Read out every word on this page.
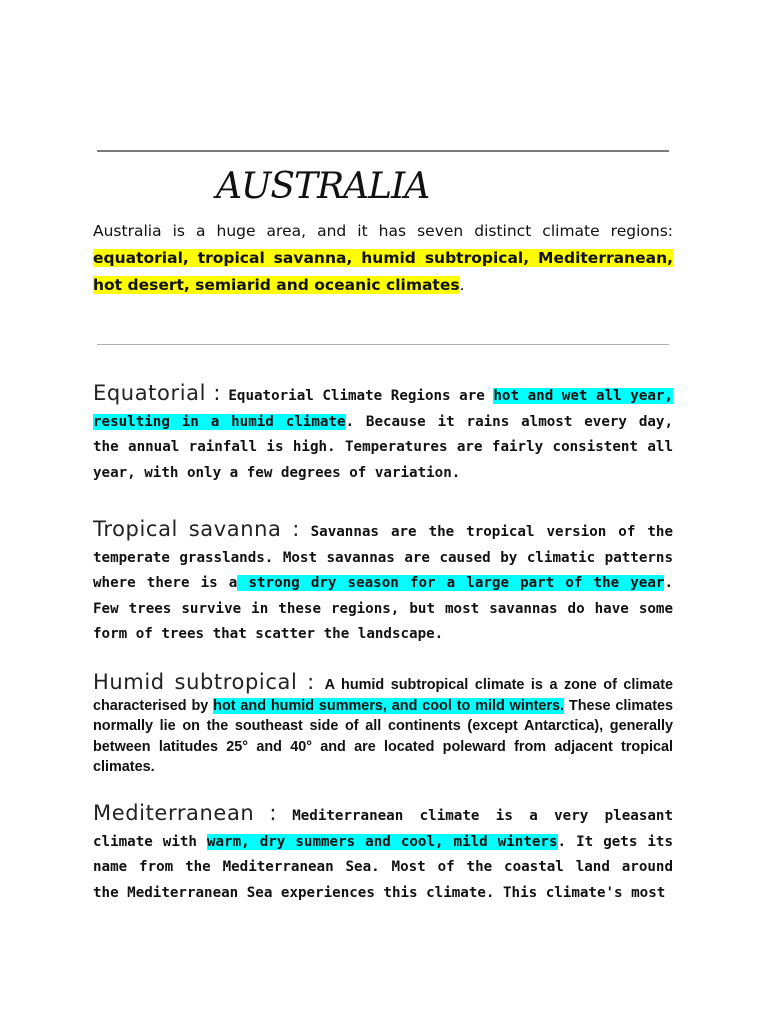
AUSTRALIA

Australia is a huge area, and it has seven distinct climate regions: equatorial, tropical savanna, humid subtropical, Mediterranean, hot desert, semiarid and oceanic climates.

Equatorial : Equatorial Climate Regions are hot and wet all year, resulting in a humid climate. Because it rains almost every day, the annual rainfall is high. Temperatures are fairly consistent all year, with only a few degrees of variation.

Tropical savanna : Savannas are the tropical version of the temperate grasslands. Most savannas are caused by climatic patterns where there is a strong dry season for a large part of the year. Few trees survive in these regions, but most savannas do have some form of trees that scatter the landscape.

Humid subtropical : A humid subtropical climate is a zone of climate characterised by hot and humid summers, and cool to mild winters. These climates normally lie on the southeast side of all continents (except Antarctica), generally between latitudes 25° and 40° and are located poleward from adjacent tropical climates.

Mediterranean : Mediterranean climate is a very pleasant climate with warm, dry summers and cool, mild winters. It gets its name from the Mediterranean Sea. Most of the coastal land around the Mediterranean Sea experiences this climate. This climate's most
